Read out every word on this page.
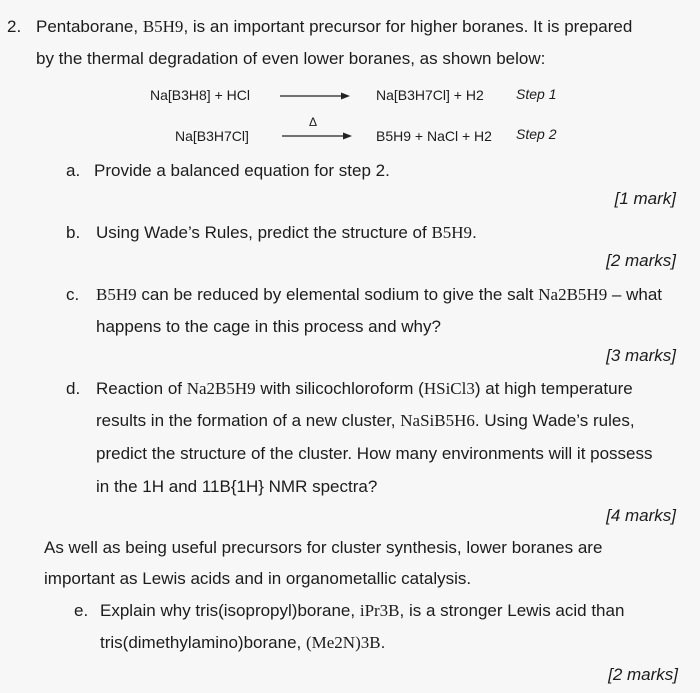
2. Pentaborane, B5H9, is an important precursor for higher boranes. It is prepared
by the thermal degradation of even lower boranes, as shown below:
Na[B3H8] + HCl	Na[B3H7Cl] + H2 Step 1
Na[B3H7Cl]
Δ
B5H9 + NaCl + H2 Step 2
a. Provide a balanced equation for step 2.
[1 mark]
b. Using Wade’s Rules, predict the structure of B5H9.
[2 marks]
c. B5H9 can be reduced by elemental sodium to give the salt Na2B5H9 – what
happens to the cage in this process and why?
[3 marks]
d. Reaction of Na2B5H9 with silicochloroform (HSiCl3) at high temperature
results in the formation of a new cluster, NaSiB5H6. Using Wade’s rules,
predict the structure of the cluster. How many environments will it possess
in the 1H and 11B{1H} NMR spectra?
[4 marks]
As well as being useful precursors for cluster synthesis, lower boranes are
important as Lewis acids and in organometallic catalysis.
e. Explain why tris(isopropyl)borane, iPr3B, is a stronger Lewis acid than
tris(dimethylamino)borane, (Me2N)3B.
[2 marks]
